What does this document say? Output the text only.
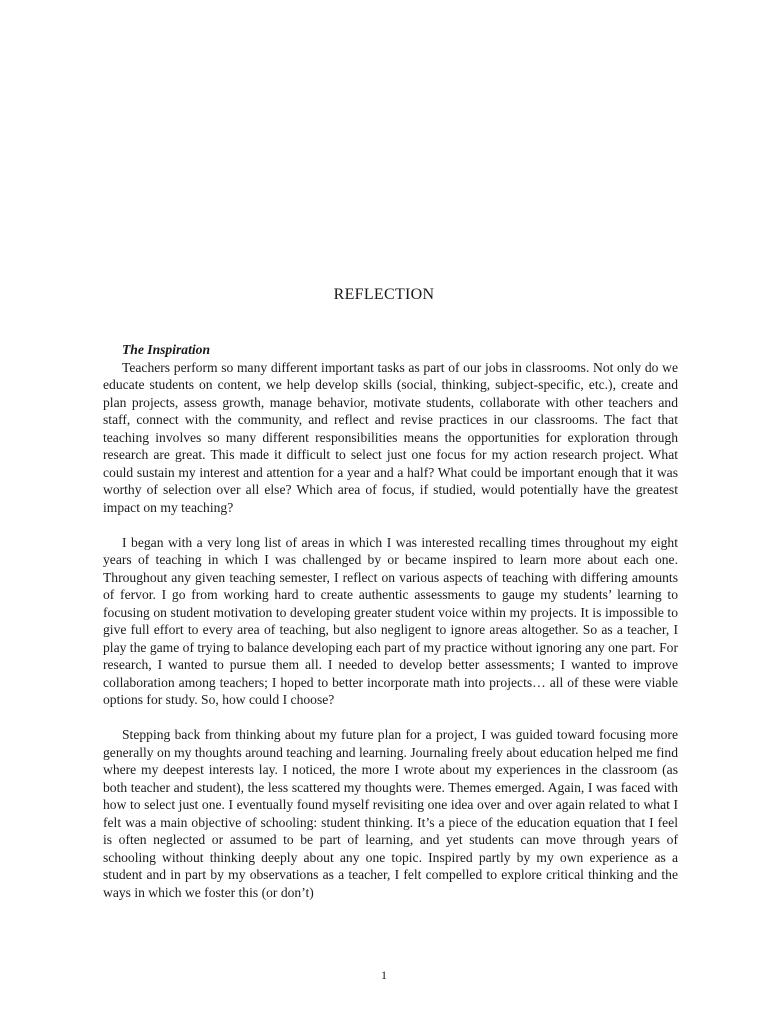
REFLECTION
The Inspiration

Teachers perform so many different important tasks as part of our jobs in classrooms. Not only do we educate students on content, we help develop skills (social, thinking, subject-specific, etc.), create and plan projects, assess growth, manage behavior, motivate students, collaborate with other teachers and staff, connect with the community, and reflect and revise practices in our classrooms. The fact that teaching involves so many different responsibilities means the opportunities for exploration through research are great. This made it difficult to select just one focus for my action research project. What could sustain my interest and attention for a year and a half? What could be important enough that it was worthy of selection over all else? Which area of focus, if studied, would potentially have the greatest impact on my teaching?

I began with a very long list of areas in which I was interested recalling times throughout my eight years of teaching in which I was challenged by or became inspired to learn more about each one. Throughout any given teaching semester, I reflect on various aspects of teaching with differing amounts of fervor. I go from working hard to create authentic assessments to gauge my students’ learning to focusing on student motivation to developing greater student voice within my projects. It is impossible to give full effort to every area of teaching, but also negligent to ignore areas altogether. So as a teacher, I play the game of trying to balance developing each part of my practice without ignoring any one part. For research, I wanted to pursue them all. I needed to develop better assessments; I wanted to improve collaboration among teachers; I hoped to better incorporate math into projects… all of these were viable options for study. So, how could I choose?

Stepping back from thinking about my future plan for a project, I was guided toward focusing more generally on my thoughts around teaching and learning. Journaling freely about education helped me find where my deepest interests lay. I noticed, the more I wrote about my experiences in the classroom (as both teacher and student), the less scattered my thoughts were. Themes emerged. Again, I was faced with how to select just one. I eventually found myself revisiting one idea over and over again related to what I felt was a main objective of schooling: student thinking. It’s a piece of the education equation that I feel is often neglected or assumed to be part of learning, and yet students can move through years of schooling without thinking deeply about any one topic. Inspired partly by my own experience as a student and in part by my observations as a teacher, I felt compelled to explore critical thinking and the ways in which we foster this (or don’t)

1
